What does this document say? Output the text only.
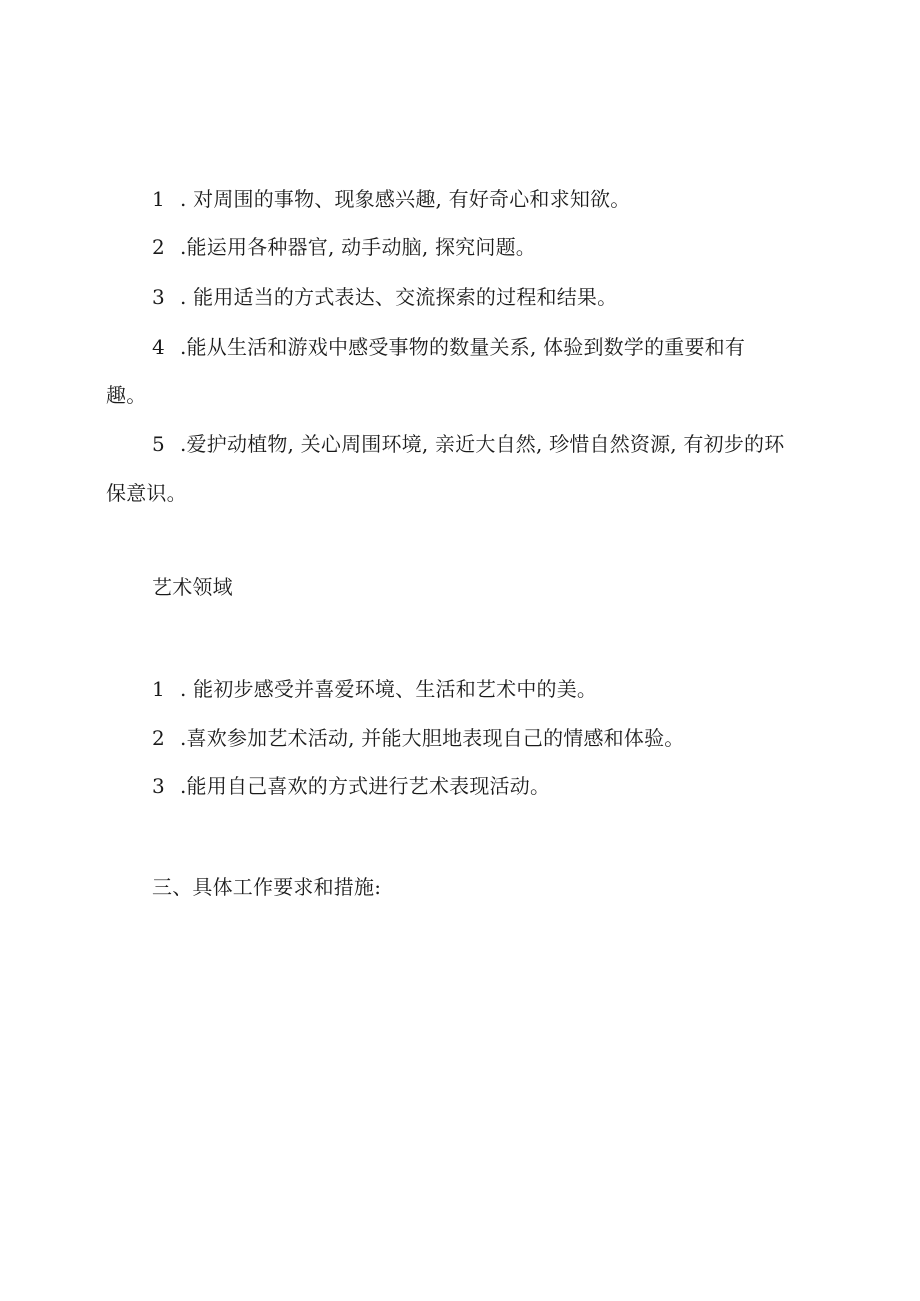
1 . 对周围的事物、现象感兴趣, 有好奇心和求知欲。
2 .能运用各种器官, 动手动脑, 探究问题。
3 . 能用适当的方式表达、交流探索的过程和结果。
4 .能从生活和游戏中感受事物的数量关系, 体验到数学的重要和有
趣。
5 .爱护动植物, 关心周围环境, 亲近大自然, 珍惜自然资源, 有初步的环
保意识。
艺术领域
1 . 能初步感受并喜爱环境、生活和艺术中的美。
2 .喜欢参加艺术活动, 并能大胆地表现自己的情感和体验。
3 .能用自己喜欢的方式进行艺术表现活动。
三、具体工作要求和措施:
